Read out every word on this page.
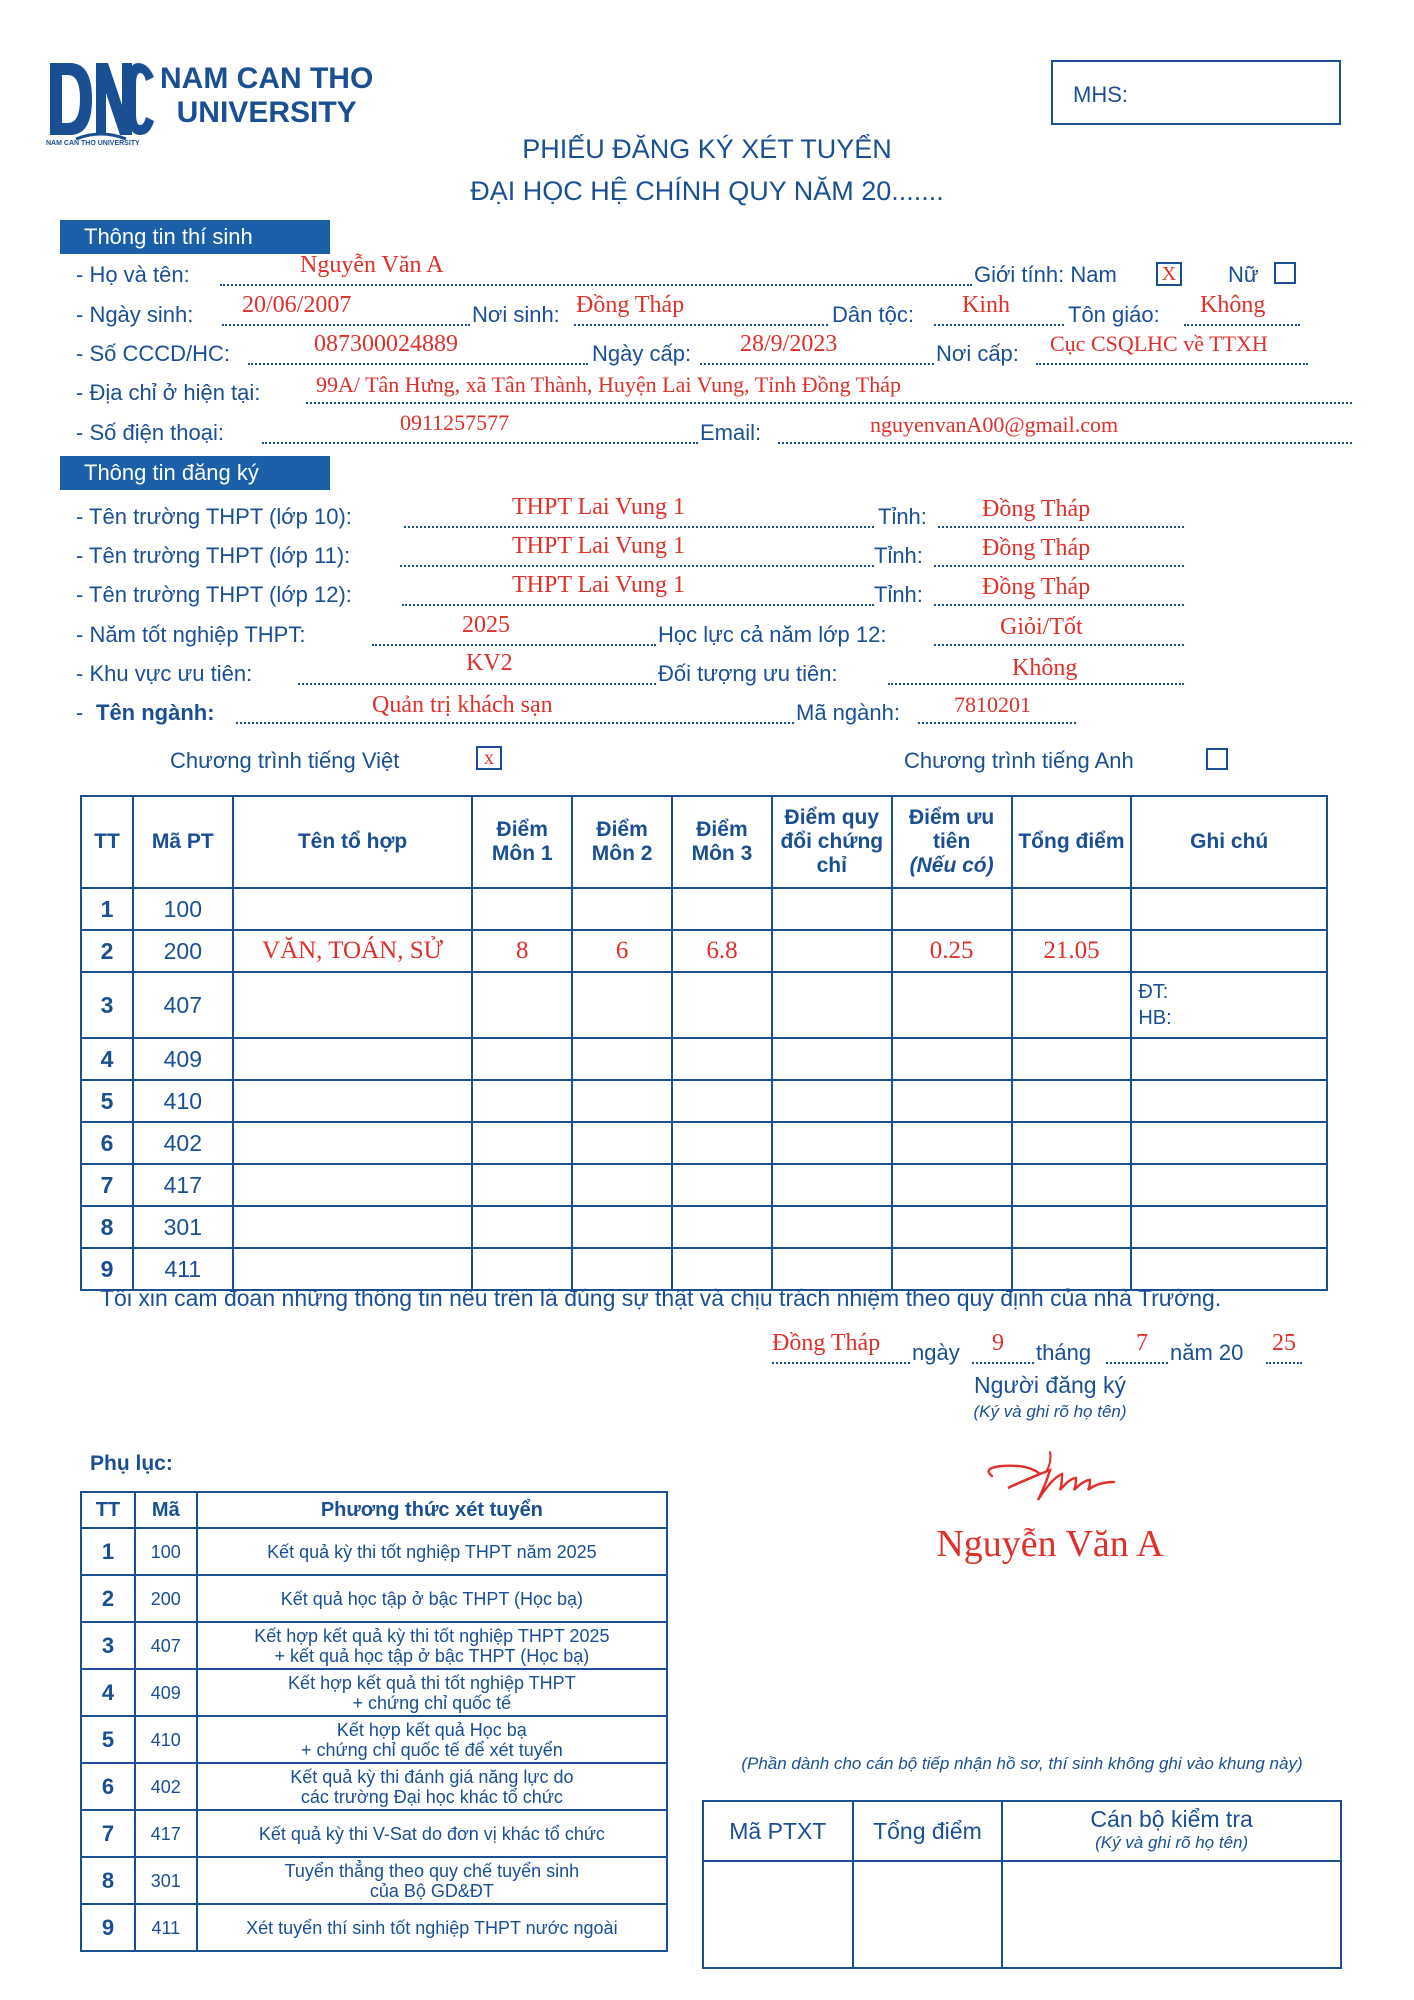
NAM CAN THO
UNIVERSITY
NAM CAN THO UNIVERSITY
MHS:
PHIẾU ĐĂNG KÝ XÉT TUYỂN
ĐẠI HỌC HỆ CHÍNH QUY NĂM 20.......
Thông tin thí sinh
- Họ và tên:	Nguyễn Văn A	Giới tính: Nam X Nữ
- Ngày sinh: 20/06/2007	Nơi sinh: Đồng Tháp	Dân tộc: Kinh	Tôn giáo: Không
- Số CCCD/HC:	087300024889	Ngày cấp: 28/9/2023	Nơi cấp: Cục CSQLHC về TTXH
- Địa chỉ ở hiện tại:	99A/ Tân Hưng, xã Tân Thành, Huyện Lai Vung, Tỉnh Đồng Tháp
- Số điện thoại:	0911257577	Email:	nguyenvanA00@gmail.com
Thông tin đăng ký
- Tên trường THPT (lớp 10):	THPT Lai Vung 1	Tỉnh: Đồng Tháp
- Tên trường THPT (lớp 11):	THPT Lai Vung 1	Tỉnh: Đồng Tháp
- Tên trường THPT (lớp 12):	THPT Lai Vung 1	Tỉnh: Đồng Tháp
- Năm tốt nghiệp THPT:	2025	Học lực cả năm lớp 12:	Giỏi/Tốt
- Khu vực ưu tiên:	KV2	Đối tượng ưu tiên:	Không
- Tên ngành:	Quản trị khách sạn	Mã ngành: 7810201
Chương trình tiếng Việt	x	Chương trình tiếng Anh
TT	Mã PT	Tên tổ hợp	Điểm Môn 1	Điểm Môn 2	Điểm Môn 3	Điểm quy đổi chứng chỉ	Điểm ưu tiên
(Nếu có)	Tổng điểm	Ghi chú
1	100								
2	200	VĂN, TOÁN, SỬ	8	6	6.8		0.25	21.05	
3	407								ĐT:
HB:

4	409								
5	410								
6	402								
7	417								
8	301								
9	411								
Tôi xin cam đoan những thông tin nêu trên là đúng sự thật và chịu trách nhiệm theo quy định của nhà Trường.
Đồng Tháp ngày 9 tháng 7 năm 20 25
Người đăng ký
(Ký và ghi rõ họ tên)
Nguyễn Văn A
Phụ lục:
TT	Mã	Phương thức xét tuyển
1	100	Kết quả kỳ thi tốt nghiệp THPT năm 2025

2	200	Kết quả học tập ở bậc THPT (Học bạ)

3	407	Kết hợp kết quả kỳ thi tốt nghiệp THPT 2025
+ kết quả học tập ở bậc THPT (Học bạ)

4	409	Kết hợp kết quả thi tốt nghiệp THPT
+ chứng chỉ quốc tế

5	410	Kết hợp kết quả Học bạ
+ chứng chỉ quốc tế để xét tuyển

6	402	Kết quả kỳ thi đánh giá năng lực do
các trường Đại học khác tổ chức

7	417	Kết quả kỳ thi V-Sat do đơn vị khác tổ chức

8	301	Tuyển thẳng theo quy chế tuyển sinh
của Bộ GD&ĐT

9	411	Xét tuyển thí sinh tốt nghiệp THPT nước ngoài
(Phần dành cho cán bộ tiếp nhận hồ sơ, thí sinh không ghi vào khung này)
Mã PTXT	Tổng điểm	Cán bộ kiểm tra
(Ký và ghi rõ họ tên)
